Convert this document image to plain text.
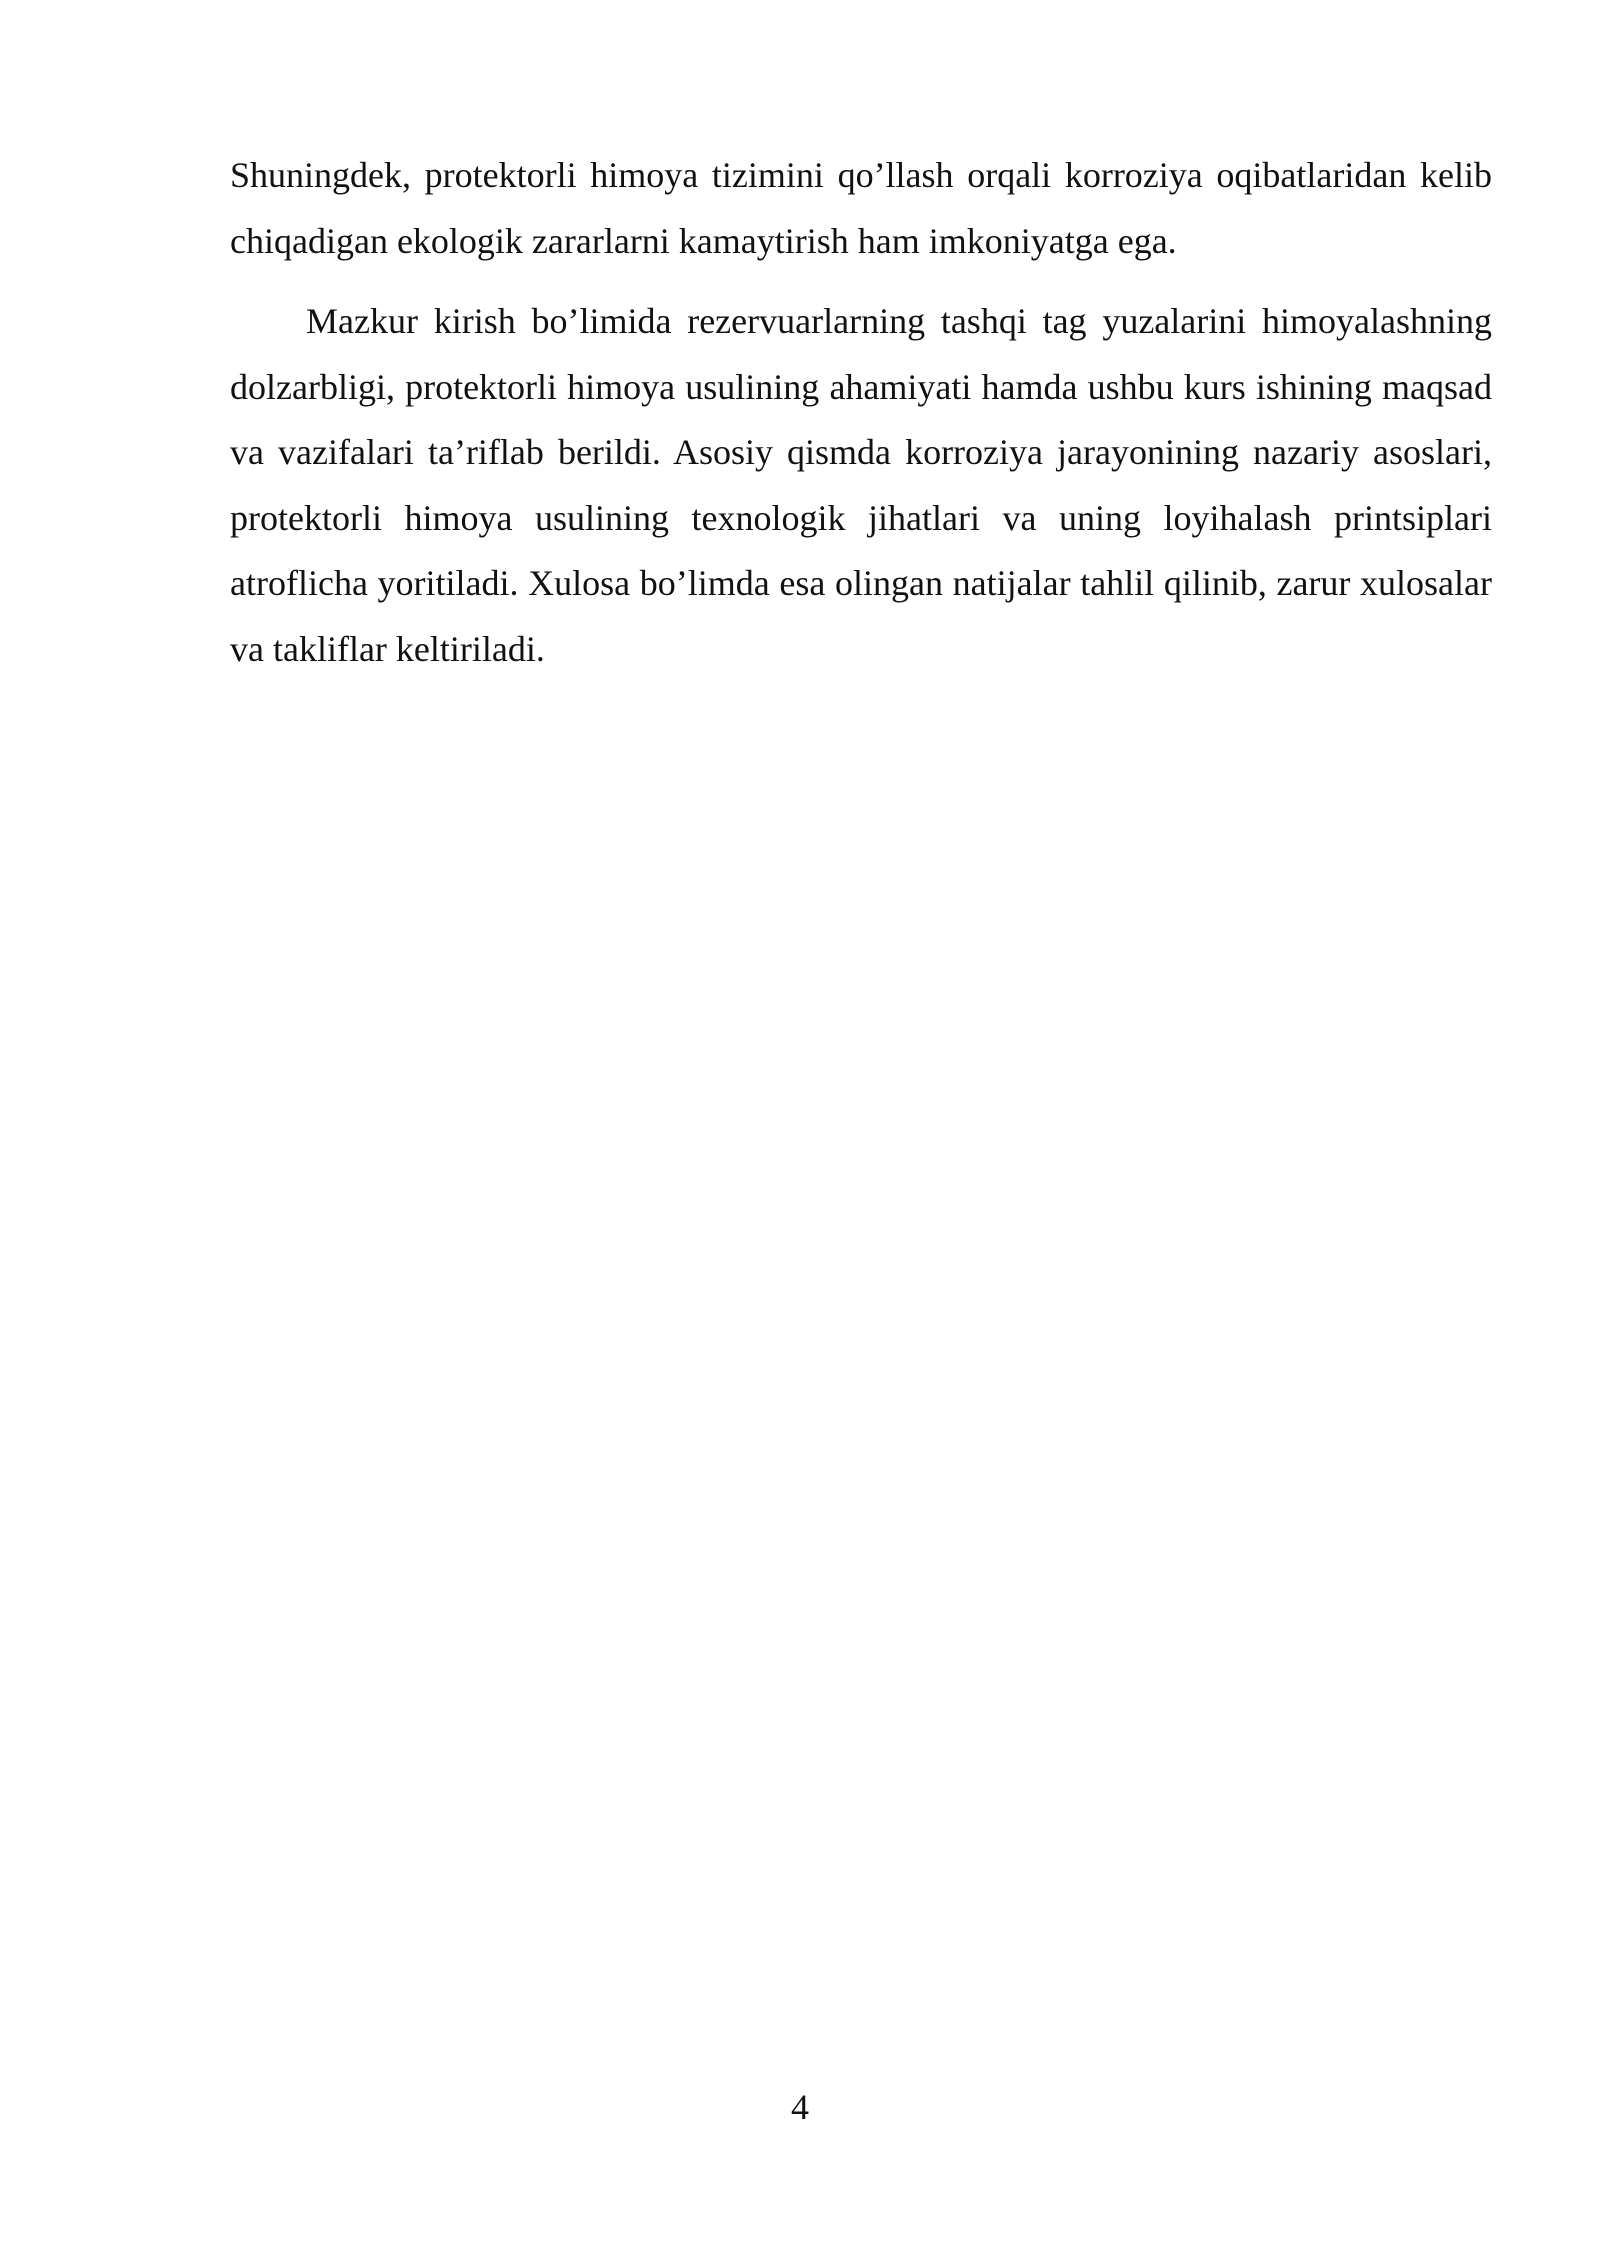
Shuningdek, protektorli himoya tizimini qo’llash orqali korroziya oqibatlaridan kelib chiqadigan ekologik zararlarni kamaytirish ham imkoniyatga ega.

Mazkur kirish bo’limida rezervuarlarning tashqi tag yuzalarini himoyalashning dolzarbligi, protektorli himoya usulining ahamiyati hamda ushbu kurs ishining maqsad va vazifalari ta’riflab berildi. Asosiy qismda korroziya jarayonining nazariy asoslari, protektorli himoya usulining texnologik jihatlari va uning loyihalash printsiplari atroflicha yoritiladi. Xulosa bo’limda esa olingan natijalar tahlil qilinib, zarur xulosalar va takliflar keltiriladi.

4
